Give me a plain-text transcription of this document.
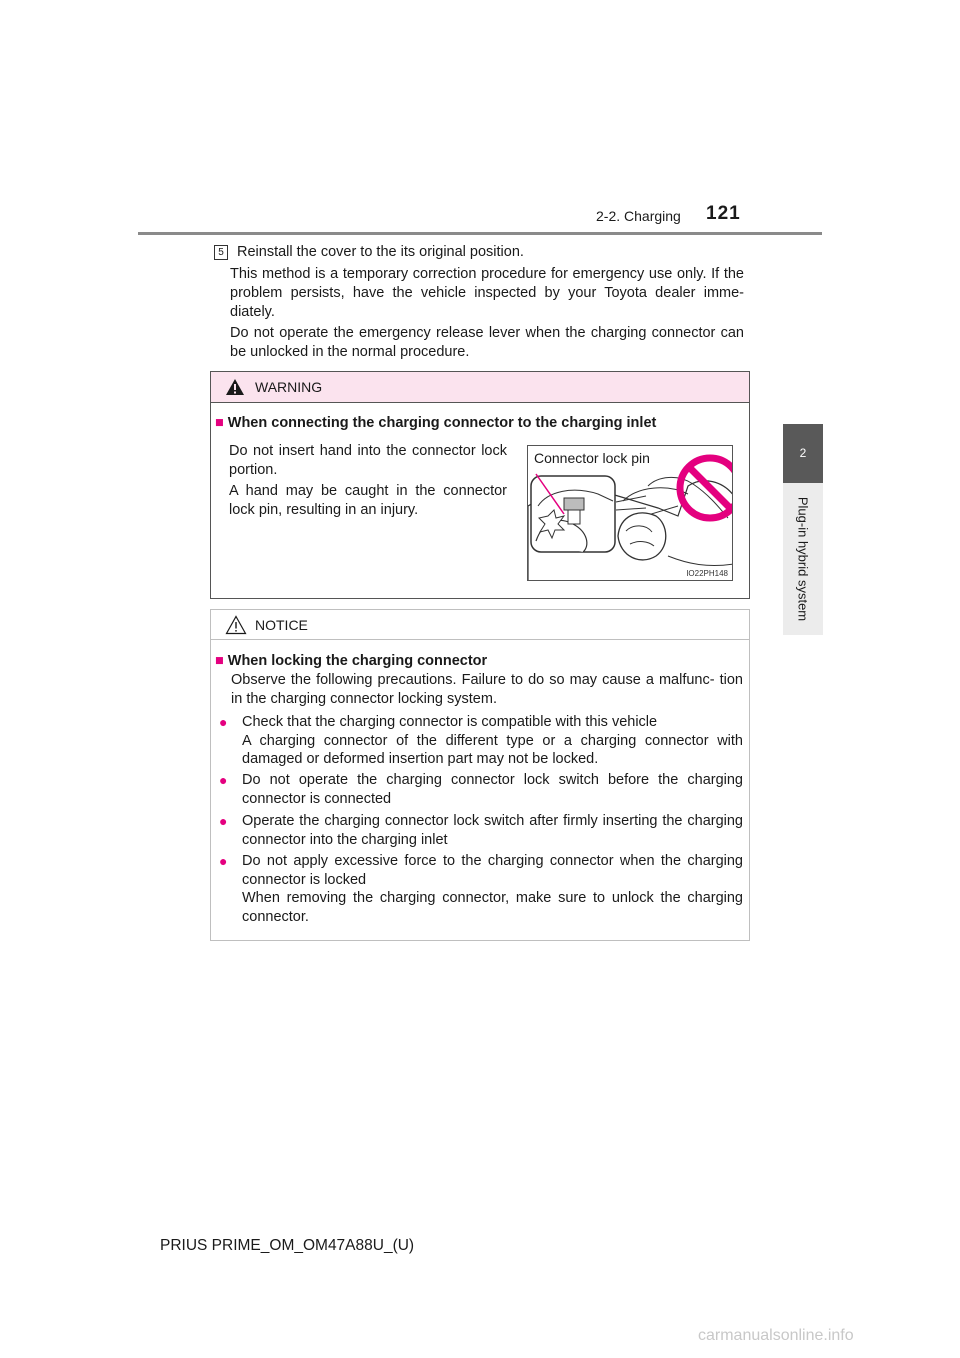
2-2. Charging 121
2
Plug-in hybrid system
5 Reinstall the cover to the its original position.
This method is a temporary correction procedure for emergency use only. If the problem persists, have the vehicle inspected by your Toyota dealer imme- diately.
Do not operate the emergency release lever when the charging connector can be unlocked in the normal procedure.
WARNING
■ When connecting the charging connector to the charging inlet
Do not insert hand into the connector lock portion.
A hand may be caught in the connector lock pin, resulting in an injury.
Connector lock pin
IO22PH148
NOTICE
■ When locking the charging connector
Observe the following precautions. Failure to do so may cause a malfunc- tion in the charging connector locking system.
● Check that the charging connector is compatible with this vehicle
A charging connector of the different type or a charging connector with damaged or deformed insertion part may not be locked.
● Do not operate the charging connector lock switch before the charging connector is connected
● Operate the charging connector lock switch after firmly inserting the charging connector into the charging inlet
● Do not apply excessive force to the charging connector when the charging connector is locked
When removing the charging connector, make sure to unlock the charging connector.
PRIUS PRIME_OM_OM47A88U_(U)
carmanualsonline.info
